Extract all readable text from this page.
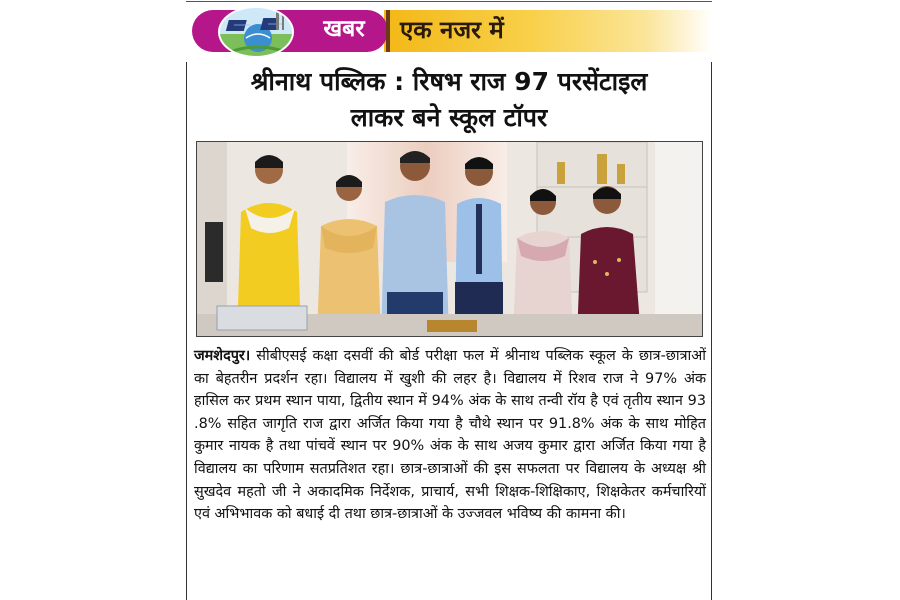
खबर	एक नजर में
श्रीनाथ पब्लिक : रिषभ राज 97 परसेंटाइल
लाकर बने स्कूल टॉपर
जमशेदपुर। सीबीएसई कक्षा दसवीं की बोर्ड परीक्षा फल में श्रीनाथ पब्लिक स्कूल के छात्र-छात्राओं का बेहतरीन प्रदर्शन रहा। विद्यालय में खुशी की लहर है। विद्यालय में रिशव राज ने 97% अंक हासिल कर प्रथम स्थान पाया, द्वितीय स्थान में 94% अंक के साथ तन्वी रॉय है एवं तृतीय स्थान 93 .8% सहित जागृति राज द्वारा अर्जित किया गया है चौथे स्थान पर 91.8% अंक के साथ मोहित कुमार नायक है तथा पांचवें स्थान पर 90% अंक के साथ अजय कुमार द्वारा अर्जित किया गया है विद्यालय का परिणाम सतप्रतिशत रहा। छात्र-छात्राओं की इस सफलता पर विद्यालय के अध्यक्ष श्री सुखदेव महतो जी ने अकादमिक निर्देशक, प्राचार्य, सभी शिक्षक-शिक्षिकाए, शिक्षकेतर कर्मचारियों एवं अभिभावक को बधाई दी तथा छात्र-छात्राओं के उज्जवल भविष्य की कामना की।
